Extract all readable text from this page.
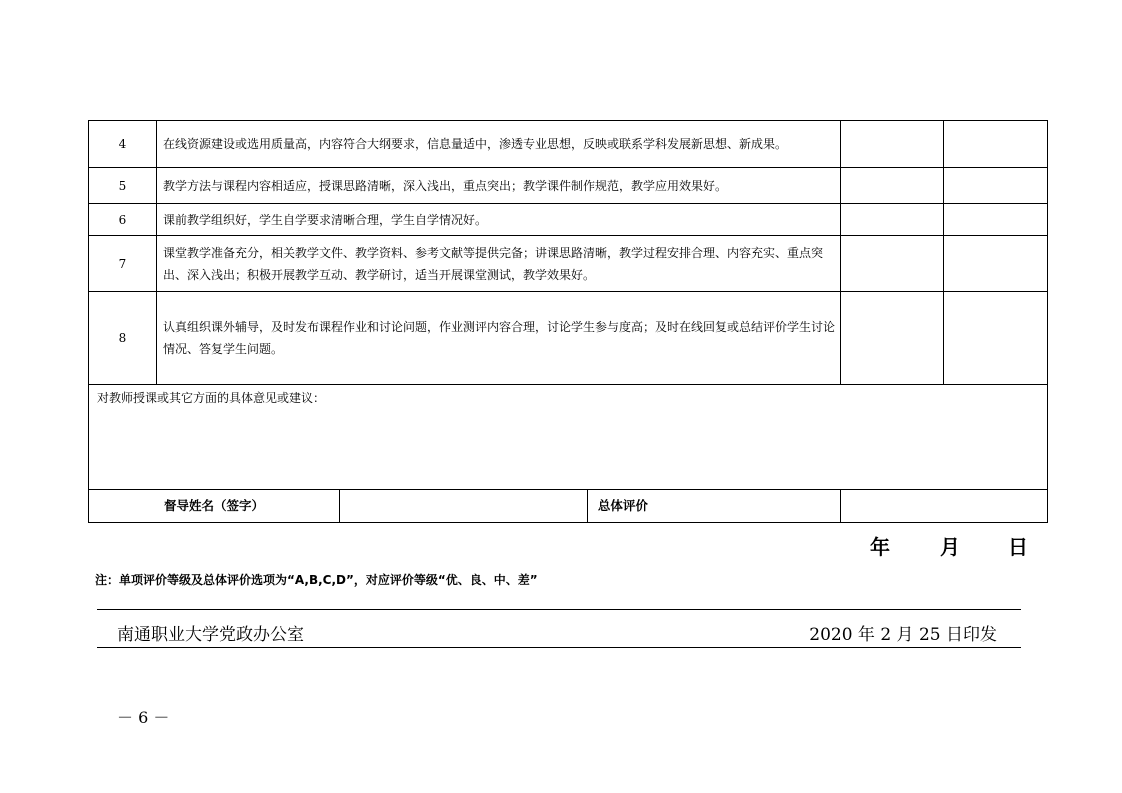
4	在线资源建设或选用质量高，内容符合大纲要求，信息量适中，渗透专业思想，反映或联系学科发展新思想、新成果。				
5	教学方法与课程内容相适应，授课思路清晰，深入浅出，重点突出；教学课件制作规范，教学应用效果好。				
6	课前教学组织好，学生自学要求清晰合理，学生自学情况好。				
7	课堂教学准备充分，相关教学文件、教学资料、参考文献等提供完备；讲课思路清晰，教学过程安排合理、内容充实、重点突出、深入浅出；积极开展教学互动、教学研讨，适当开展课堂测试，教学效果好。				
8	认真组织课外辅导，及时发布课程作业和讨论问题，作业测评内容合理，讨论学生参与度高；及时在线回复或总结评价学生讨论情况、答复学生问题。				
对教师授课或其它方面的具体意见或建议：					
督导姓名（签字）			总体评价		
年	月 日
注：单项评价等级及总体评价选项为“A,B,C,D”，对应评价等级“优、良、中、差”
南通职业大学党政办公室	2020 年 2 月 25 日印发
－ 6 －
